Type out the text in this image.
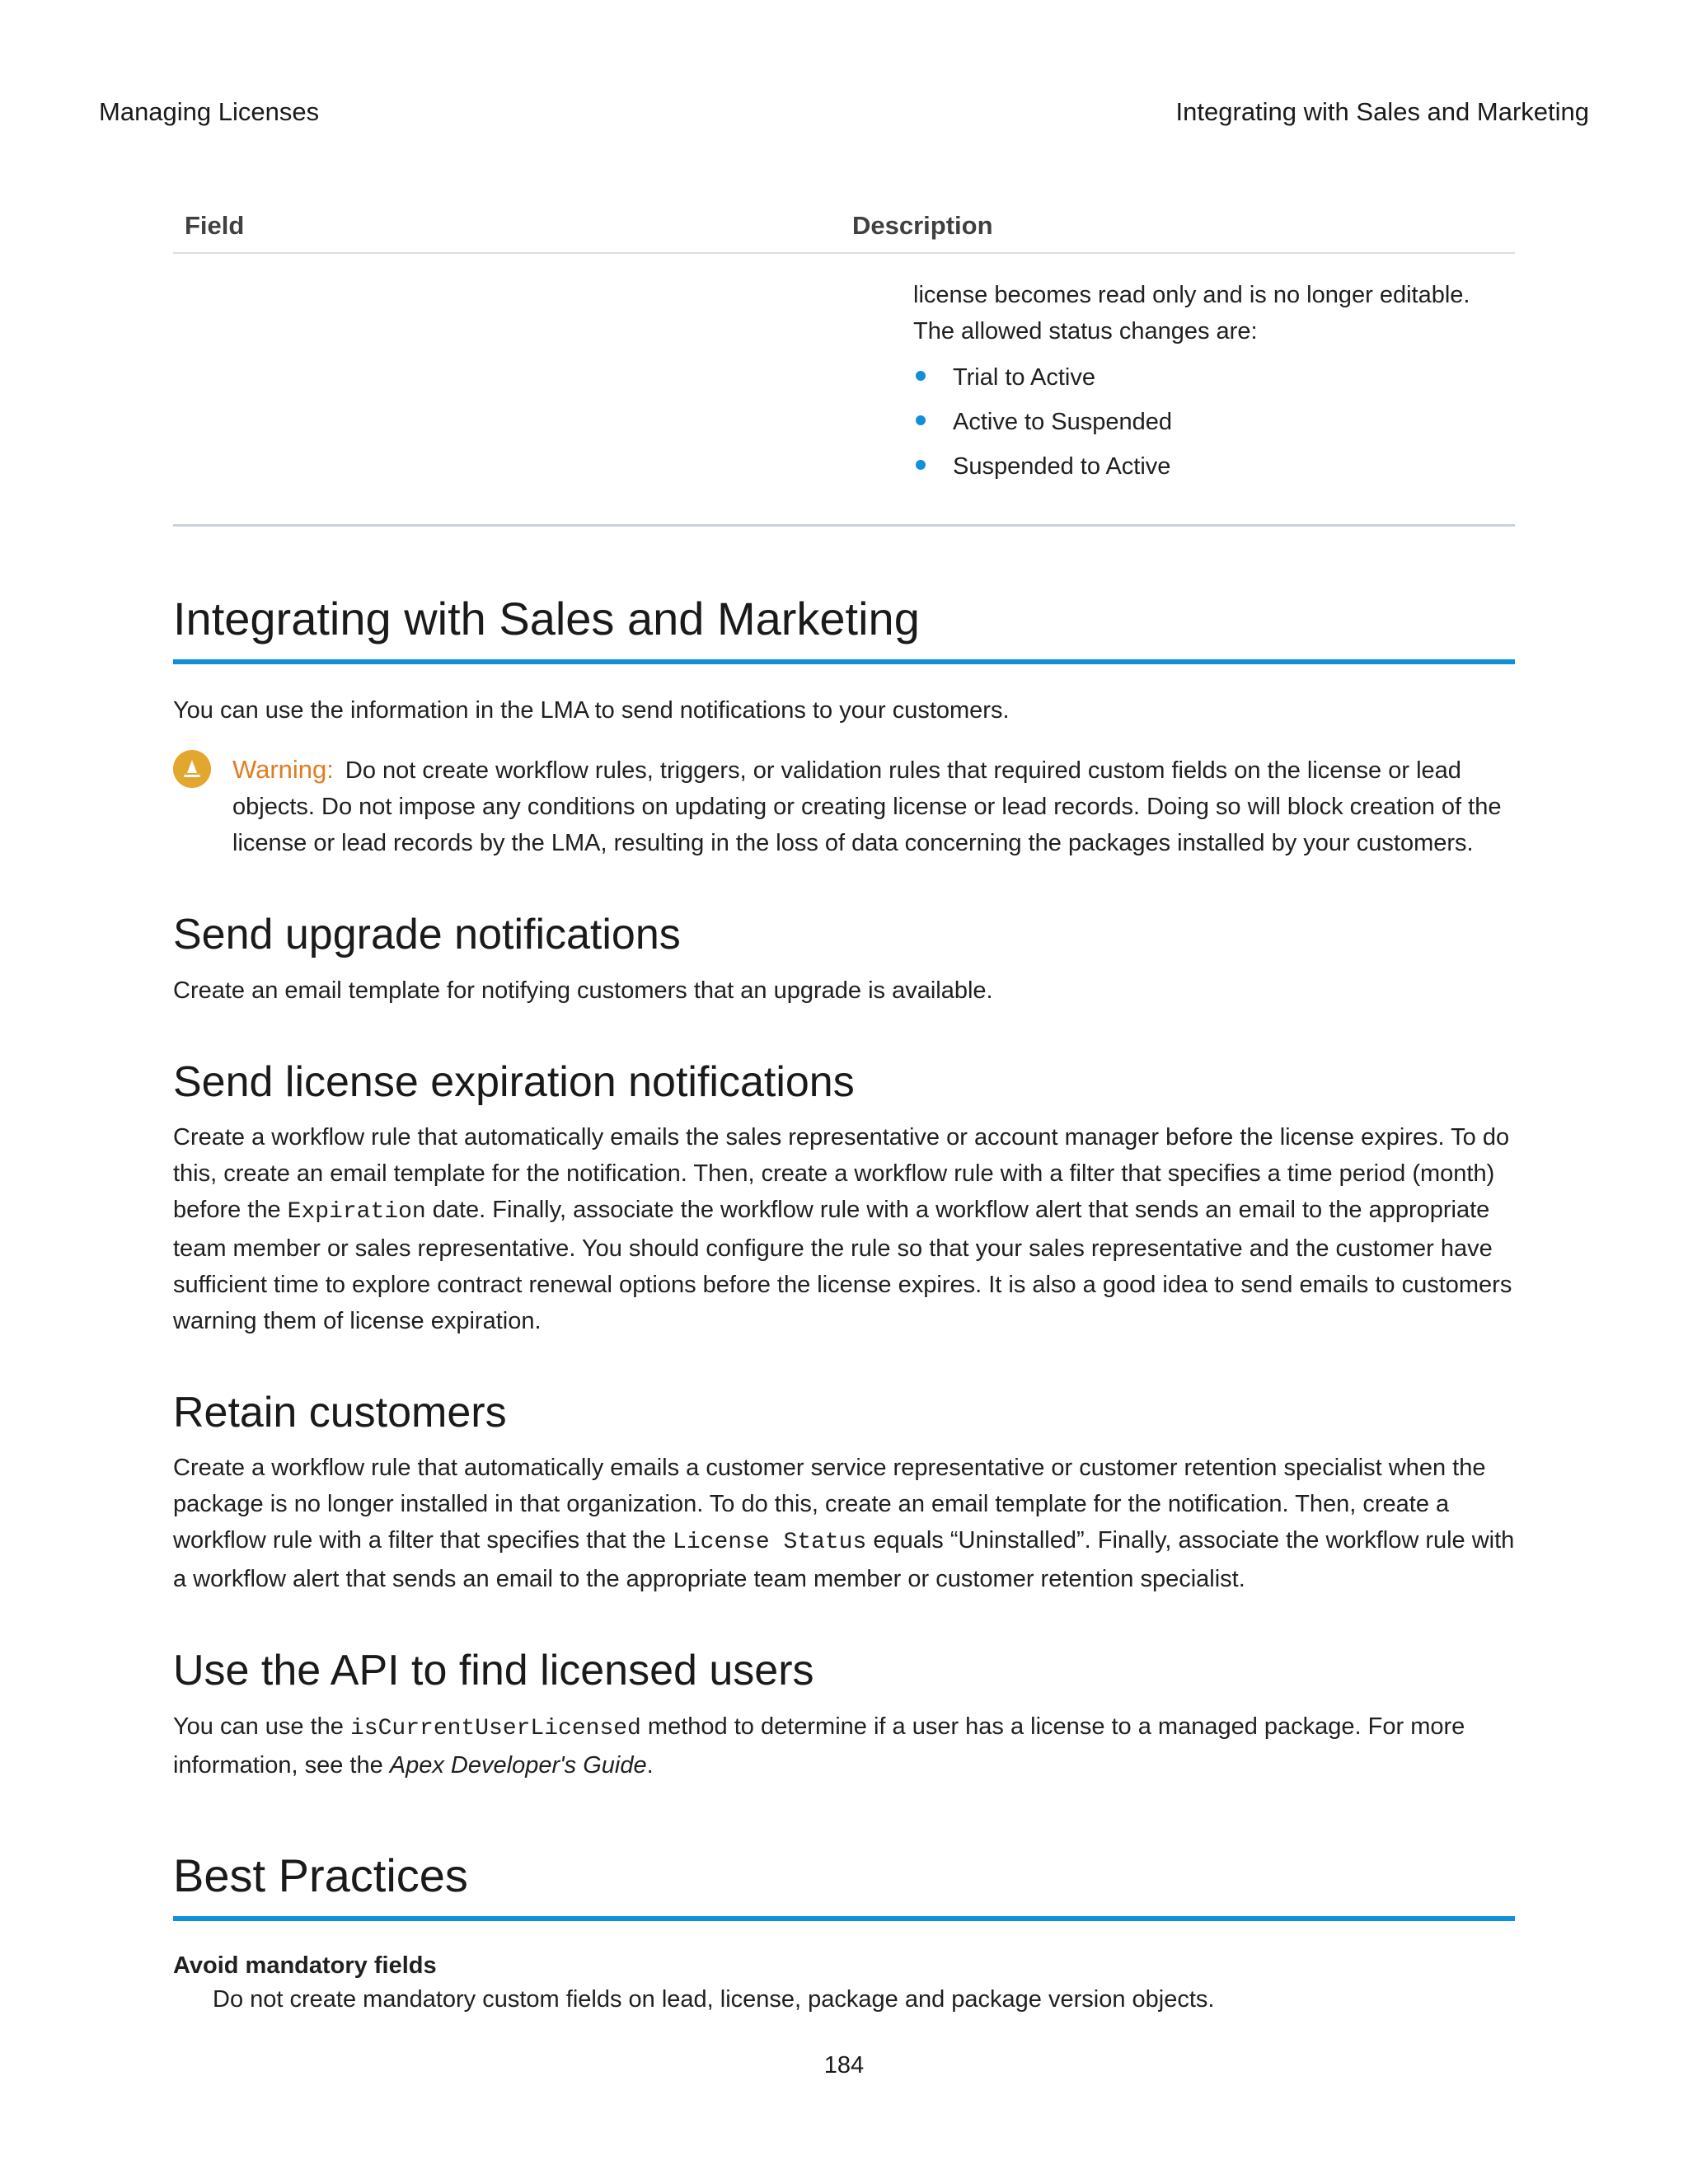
Managing Licenses	Integrating with Sales and Marketing
Field	Description
license becomes read only and is no longer editable. The allowed status changes are:
Trial to Active
Active to Suspended
Suspended to Active
Integrating with Sales and Marketing

You can use the information in the LMA to send notifications to your customers.

Warning: Do not create workflow rules, triggers, or validation rules that required custom fields on the license or lead objects. Do not impose any conditions on updating or creating license or lead records. Doing so will block creation of the license or lead records by the LMA, resulting in the loss of data concerning the packages installed by your customers.
Send upgrade notifications

Create an email template for notifying customers that an upgrade is available.

Send license expiration notifications

Create a workflow rule that automatically emails the sales representative or account manager before the license expires. To do this, create an email template for the notification. Then, create a workflow rule with a filter that specifies a time period (month) before the Expiration date. Finally, associate the workflow rule with a workflow alert that sends an email to the appropriate team member or sales representative. You should configure the rule so that your sales representative and the customer have sufficient time to explore contract renewal options before the license expires. It is also a good idea to send emails to customers warning them of license expiration.

Retain customers

Create a workflow rule that automatically emails a customer service representative or customer retention specialist when the package is no longer installed in that organization. To do this, create an email template for the notification. Then, create a workflow rule with a filter that specifies that the License Status equals “Uninstalled”. Finally, associate the workflow rule with a workflow alert that sends an email to the appropriate team member or customer retention specialist.

Use the API to find licensed users

You can use the isCurrentUserLicensed method to determine if a user has a license to a managed package. For more information, see the Apex Developer's Guide.

Best Practices
Avoid mandatory fields
Do not create mandatory custom fields on lead, license, package and package version objects.
184
